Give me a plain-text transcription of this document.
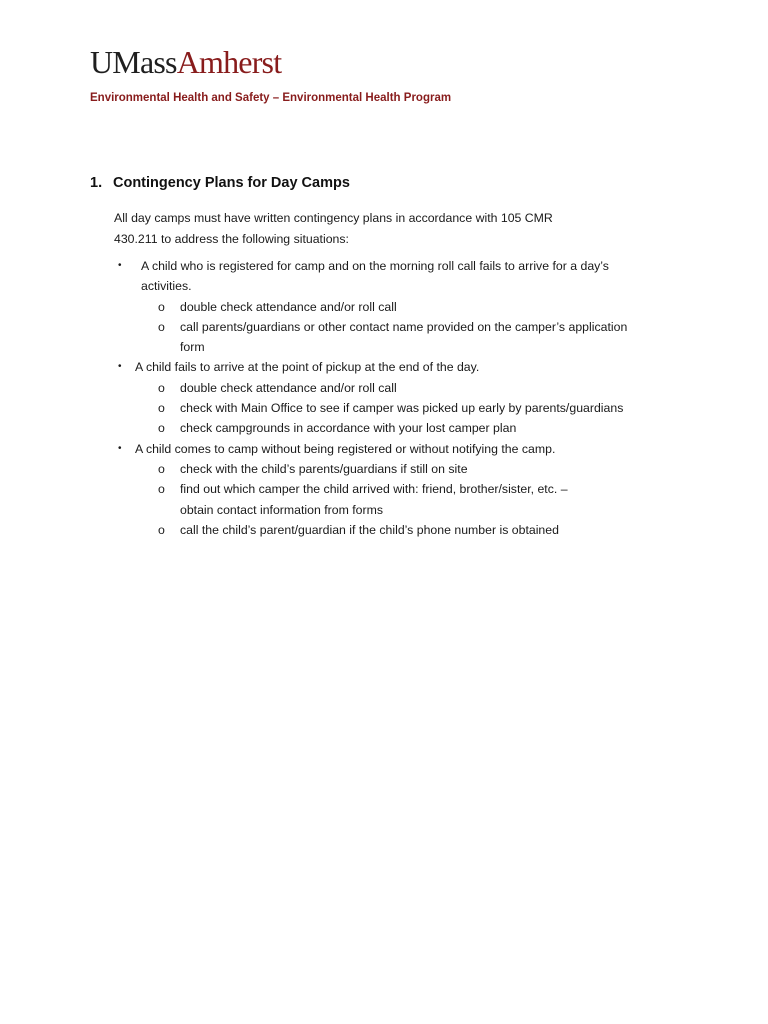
UMassAmherst
Environmental Health and Safety – Environmental Health Program
1. Contingency Plans for Day Camps
All day camps must have written contingency plans in accordance with 105 CMR
430.211 to address the following situations:
• A child who is registered for camp and on the morning roll call fails to arrive for a day’s
activities.
o double check attendance and/or roll call
o call parents/guardians or other contact name provided on the camper’s application
form
• A child fails to arrive at the point of pickup at the end of the day.
o double check attendance and/or roll call
o check with Main Office to see if camper was picked up early by parents/guardians
o check campgrounds in accordance with your lost camper plan
• A child comes to camp without being registered or without notifying the camp.
o check with the child’s parents/guardians if still on site
o find out which camper the child arrived with: friend, brother/sister, etc. –
obtain contact information from forms
o call the child’s parent/guardian if the child’s phone number is obtained
